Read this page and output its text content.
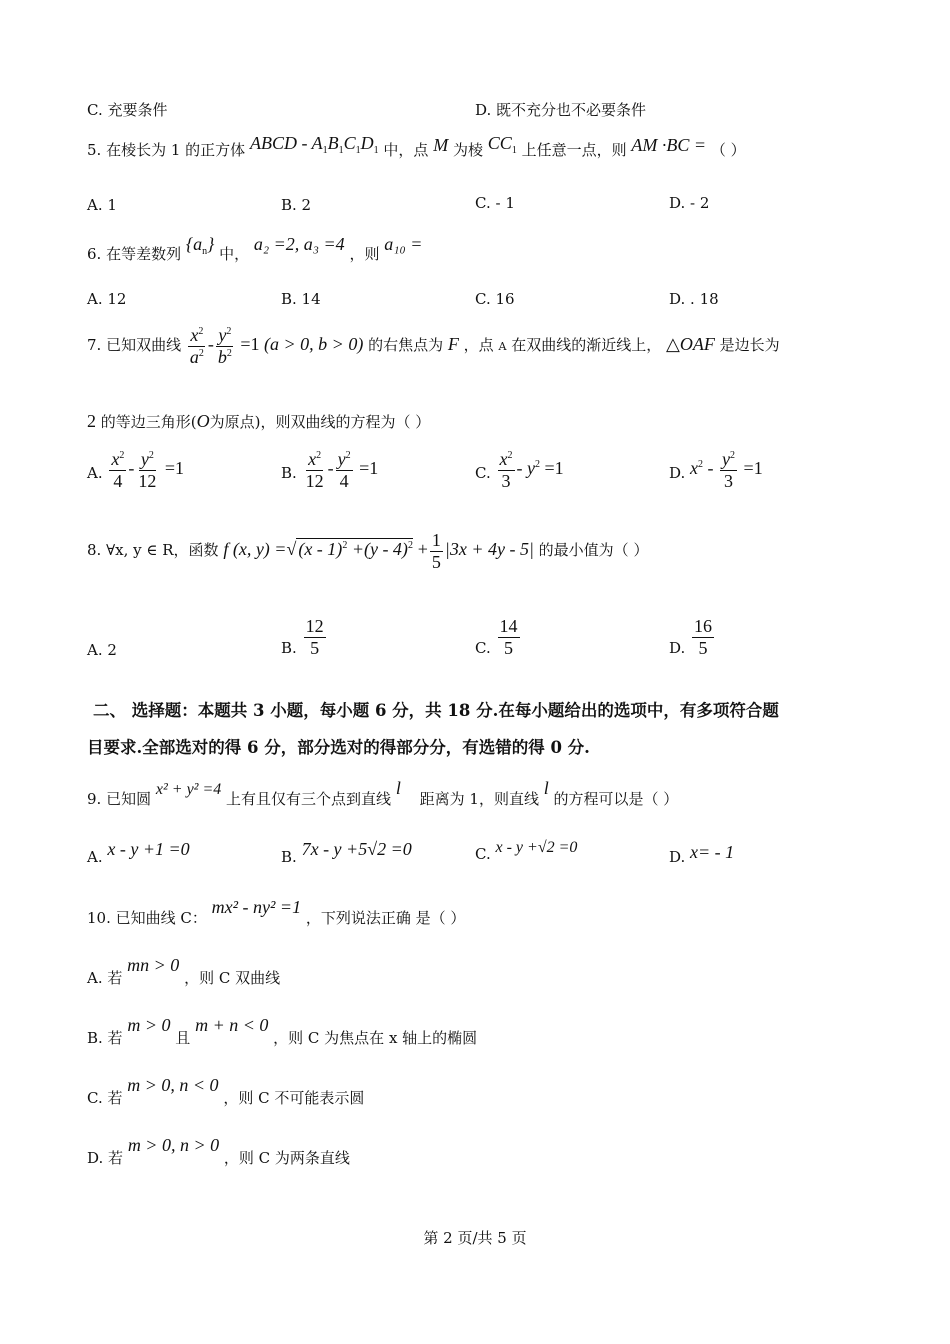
C. 充要条件	D. 既不充分也不必要条件
5. 在棱长为 1 的正方体 ABCD - $A_1B_1C_1D_1$ 中，点 M 为棱 $CC_1$ 上任意一点，则 AM ·BC = （ ）
A. 1	B. 2	C. - 1	D. - 2
6. 在等差数列 $\{a_n\}$ 中， a₂ =2, a₃ =4 ，则 a₁₀ =
A. 12	B. 14	C. 16	D. . 18
7. 已知双曲线 $\frac{x^2}{a^2} - \frac{y^2}{b^2} =1$ (a > 0, b > 0) 的右焦点为 F ，点 A 在双曲线的渐近线上， △OAF 是边长为
2 的等边三角形(O为原点)，则双曲线的方程为（ ）
A. $\frac{x^2}{4} - \frac{y^2}{12} =1$	B. $\frac{x^2}{12} - \frac{y^2}{4} =1$	C. $\frac{x^2}{3} - y^2 =1$	D. $x^2 - \frac{y^2}{3} =1$
8. ∀x, y ∈ R，函数 f (x, y) =√ $(x - 1)^2 +(y - 4)^2 + \frac{1}{5} |3x + 4y - 5|$ 的最小值为（ ）
A. 2	B. $\frac{12}{5}$	C. $\frac{14}{5}$	D. $\frac{16}{5}$
二、 选择题：本题共 3 小题，每小题 6 分，共 18 分.在每小题给出的选项中，有多项符合题
目要求.全部选对的得 6 分，部分选对的得部分分，有选错的得 0 分.
9. 已知圆 x² + y² =4 上有且仅有三个点到直线 l 距离为 1，则直线 l 的方程可以是（ ）
A. x - y +1 =0	B. 7x - y +5√2 =0	C. x - y +√2 =0
D. x= - 1
10. 已知曲线 C： mx² - ny² =1 ，下列说法正确 是（ ）
A. 若 mn > 0 ，则 C 双曲线
B. 若 m > 0 且 m + n < 0 ，则 C 为焦点在 x 轴上的椭圆
C. 若 m > 0, n < 0 ，则 C 不可能表示圆
D. 若 m > 0, n > 0 ，则 C 为两条直线
第 2 页/共 5 页
